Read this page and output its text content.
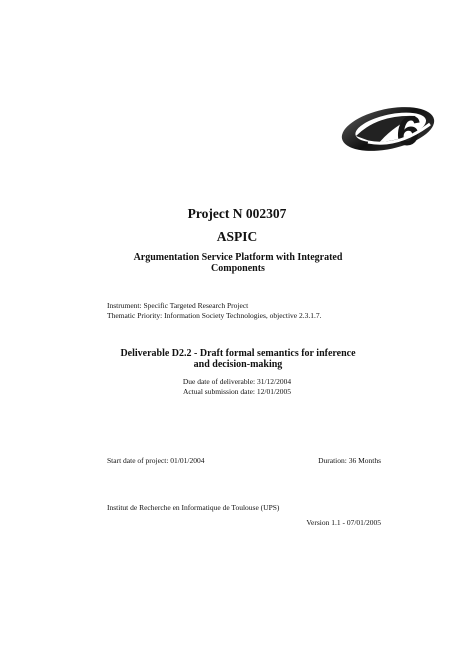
6
Project N 002307
ASPIC
Argumentation Service Platform with Integrated Components

Instrument: Specific Targeted Research Project

Thematic Priority: Information Society Technologies, objective 2.3.1.7.

Deliverable D2.2 - Draft formal semantics for inference and decision-making

Due date of deliverable: 31/12/2004

Actual submission date: 12/01/2005

Start date of project: 01/01/2004	Duration: 36 Months

Institut de Recherche en Informatique de Toulouse (UPS)

Version 1.1 - 07/01/2005
